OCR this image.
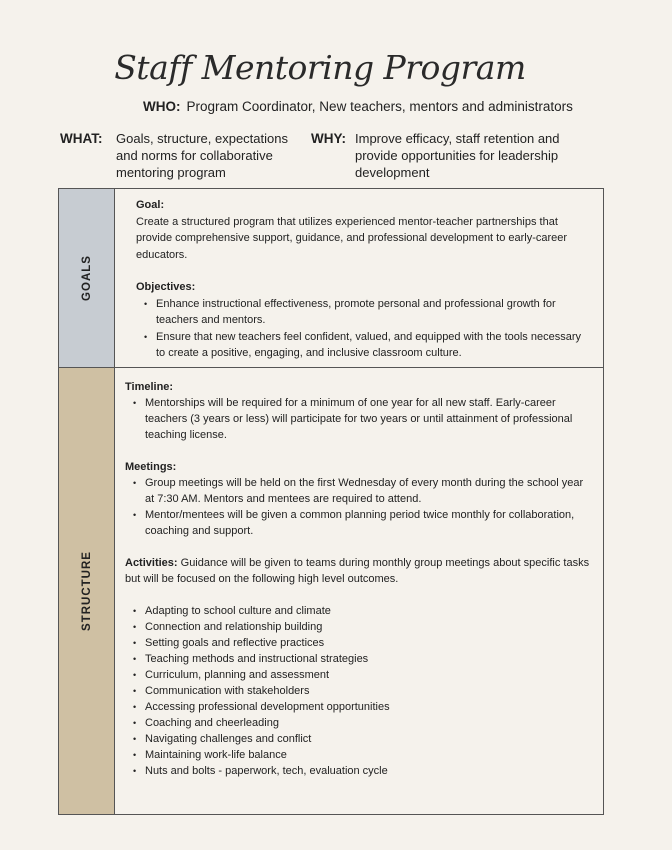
Staff Mentoring Program
WHO: Program Coordinator, New teachers, mentors and administrators
WHAT: Goals, structure, expectations and norms for collaborative mentoring program
WHY: Improve efficacy, staff retention and provide opportunities for leadership development
GOALS
STRUCTURE

Goal:

Create a structured program that utilizes experienced mentor-teacher partnerships that provide comprehensive support, guidance, and professional development to early-career educators.

Objectives:

• Enhance instructional effectiveness, promote personal and professional growth for teachers and mentors.
• Ensure that new teachers feel confident, valued, and equipped with the tools necessary to create a positive, engaging, and inclusive classroom culture.

Timeline:

• Mentorships will be required for a minimum of one year for all new staff. Early-career teachers (3 years or less) will participate for two years or until attainment of professional teaching license.

Meetings:

• Group meetings will be held on the first Wednesday of every month during the school year at 7:30 AM. Mentors and mentees are required to attend.
• Mentor/mentees will be given a common planning period twice monthly for collaboration, coaching and support.

Activities: Guidance will be given to teams during monthly group meetings about specific tasks but will be focused on the following high level outcomes.

• Adapting to school culture and climate
• Connection and relationship building
• Setting goals and reflective practices
• Teaching methods and instructional strategies
• Curriculum, planning and assessment
• Communication with stakeholders
• Accessing professional development opportunities
• Coaching and cheerleading
• Navigating challenges and conflict
• Maintaining work-life balance
• Nuts and bolts - paperwork, tech, evaluation cycle
